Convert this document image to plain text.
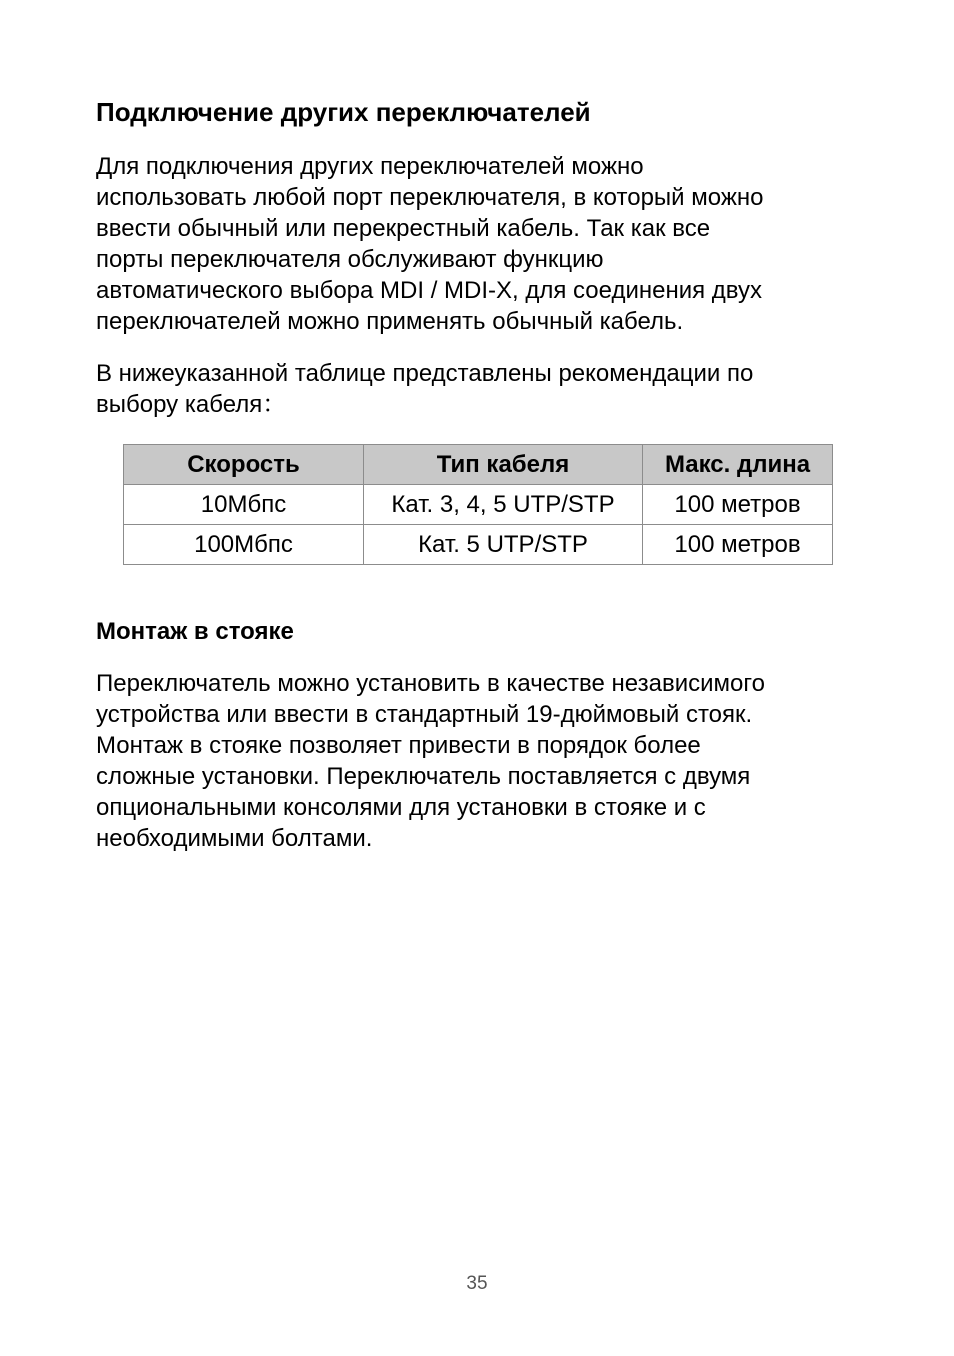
Подключение других переключателей

Для подключения других переключателей можно
использовать любой порт переключателя, в который можно
ввести обычный или перекрестный кабель. Так как все
порты переключателя обслуживают функцию
автоматического выбора MDI / MDI-X, для соединения двух
переключателей можно применять обычный кабель.

В нижеуказанной таблице представлены рекомендации по
выбору кабеля：

Скорость	Тип кабеля	Макс. длина
10Мбпс	Кат. 3, 4, 5 UTP/STP	100 метров
100Мбпс	Кат. 5 UTP/STP	100 метров
Монтаж в стояке

Переключатель можно установить в качестве независимого
устройства или ввести в стандартный 19-дюймовый стояк.
Монтаж в стояке позволяет привести в порядок более
сложные установки. Переключатель поставляется с двумя
опциональными консолями для установки в стояке и с
необходимыми болтами.

35
